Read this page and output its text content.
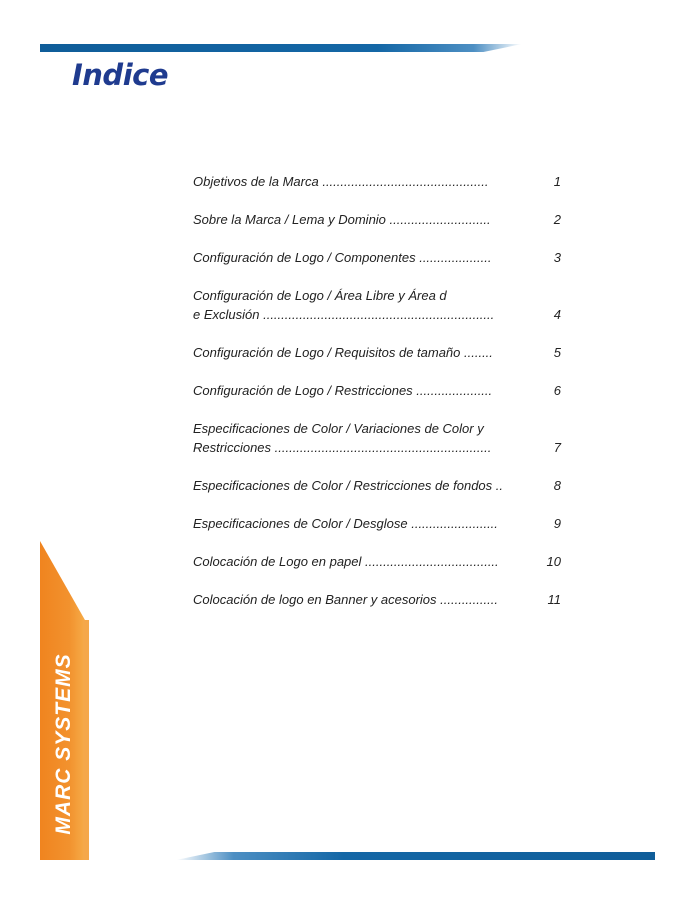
Indice
Objetivos de la Marca ..............................................	1
Sobre la Marca / Lema y Dominio ............................	2
Configuración de Logo / Componentes ....................	3
Configuración de Logo / Área Libre y Área d
e Exclusión ................................................................	4
Configuración de Logo / Requisitos de tamaño ........	5
Configuración de Logo / Restricciones .....................	6
Especificaciones de Color / Variaciones de Color y
Restricciones ............................................................	7
Especificaciones de Color / Restricciones de fondos ..	8
Especificaciones de Color / Desglose ........................	9
Colocación de Logo en papel .....................................	10
Colocación de logo en Banner y acesorios ................	11
MARC SYSTEMS
